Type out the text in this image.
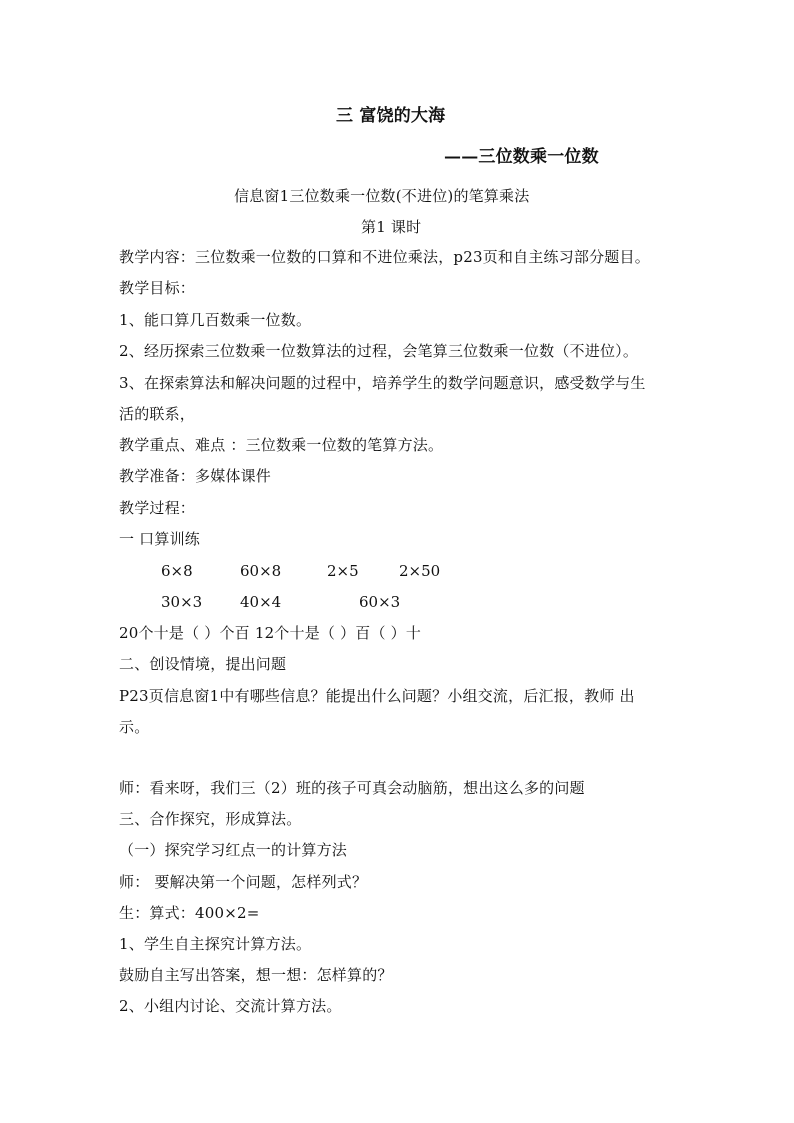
三 富饶的大海
——三位数乘一位数
信息窗1三位数乘一位数(不进位)的笔算乘法
第1 课时
教学内容：三位数乘一位数的口算和不进位乘法，p23页和自主练习部分题目。
教学目标：
1、能口算几百数乘一位数。
2、经历探索三位数乘一位数算法的过程，会笔算三位数乘一位数（不进位）。
3、在探索算法和解决问题的过程中，培养学生的数学问题意识，感受数学与生
活的联系，
教学重点、难点 ：三位数乘一位数的笔算方法。
教学准备：多媒体课件
教学过程：
一 口算训练
6×8	60×8	2×5	2×50
30×3	40×4	60×3
20个十是（ ）个百 12个十是（ ）百（ ）十
二、创设情境，提出问题
P23页信息窗1中有哪些信息？能提出什么问题？小组交流，后汇报，教师 出
示。
师：看来呀，我们三（2）班的孩子可真会动脑筋，想出这么多的问题
三、合作探究，形成算法。
（一）探究学习红点一的计算方法
师： 要解决第一个问题，怎样列式？
生：算式：400×2=
1、学生自主探究计算方法。
鼓励自主写出答案，想一想：怎样算的？
2、小组内讨论、交流计算方法。
